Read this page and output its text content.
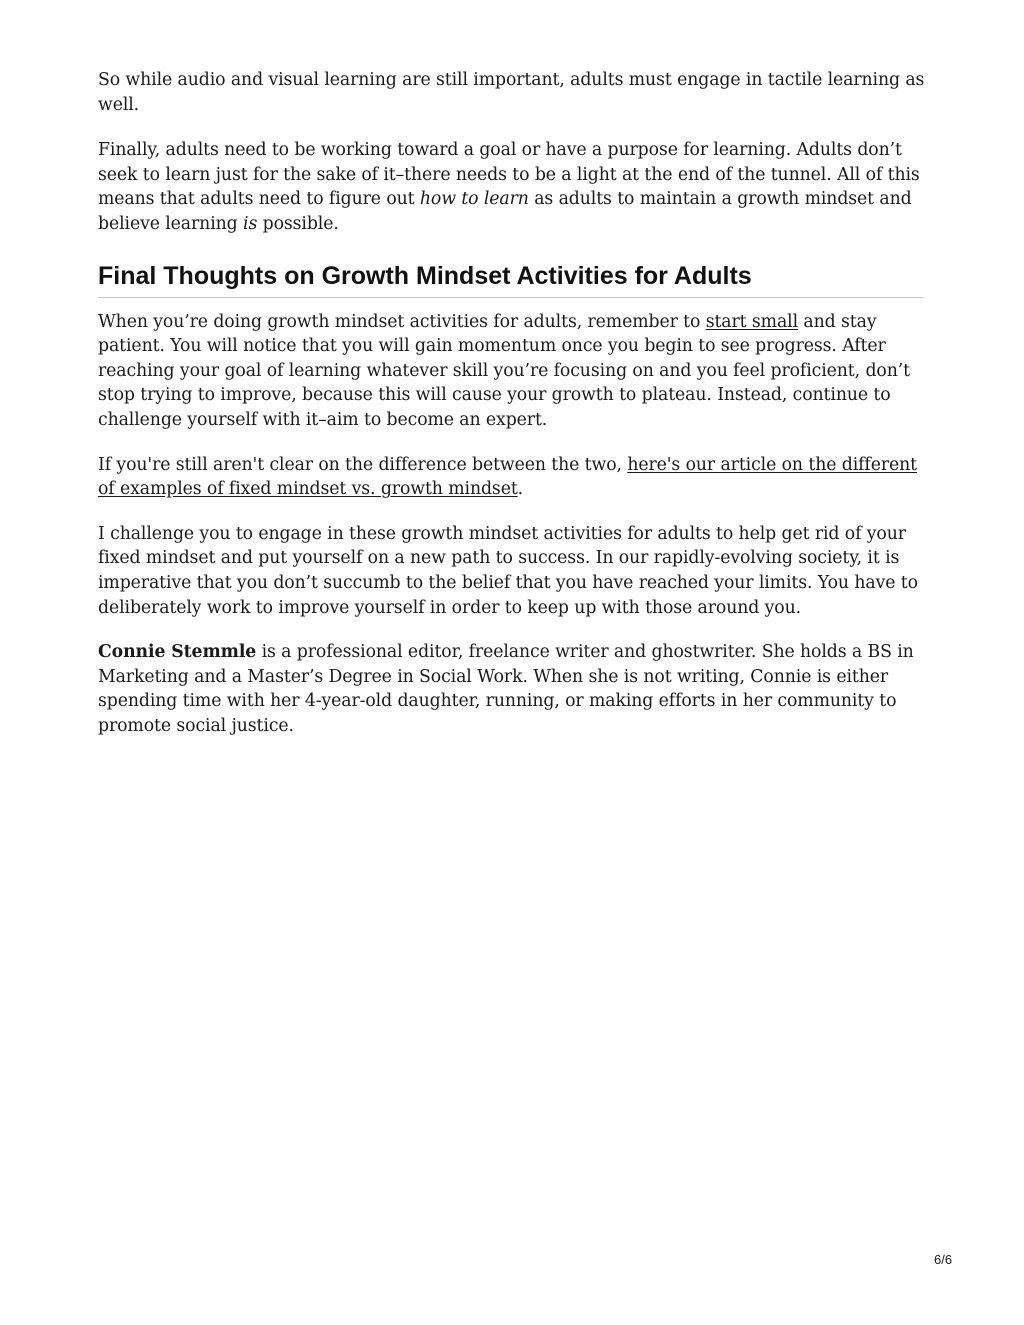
So while audio and visual learning are still important, adults must engage in tactile learning as well.

Finally, adults need to be working toward a goal or have a purpose for learning. Adults don’t seek to learn just for the sake of it–there needs to be a light at the end of the tunnel. All of this means that adults need to figure out how to learn as adults to maintain a growth mindset and believe learning is possible.

Final Thoughts on Growth Mindset Activities for Adults

When you’re doing growth mindset activities for adults, remember to start small and stay patient. You will notice that you will gain momentum once you begin to see progress. After reaching your goal of learning whatever skill you’re focusing on and you feel proficient, don’t stop trying to improve, because this will cause your growth to plateau. Instead, continue to challenge yourself with it–aim to become an expert.

If you're still aren't clear on the difference between the two, here's our article on the different of examples of fixed mindset vs. growth mindset.

I challenge you to engage in these growth mindset activities for adults to help get rid of your fixed mindset and put yourself on a new path to success. In our rapidly-evolving society, it is imperative that you don’t succumb to the belief that you have reached your limits. You have to deliberately work to improve yourself in order to keep up with those around you.

Connie Stemmle is a professional editor, freelance writer and ghostwriter. She holds a BS in Marketing and a Master’s Degree in Social Work. When she is not writing, Connie is either spending time with her 4-year-old daughter, running, or making efforts in her community to promote social justice.

6/6
